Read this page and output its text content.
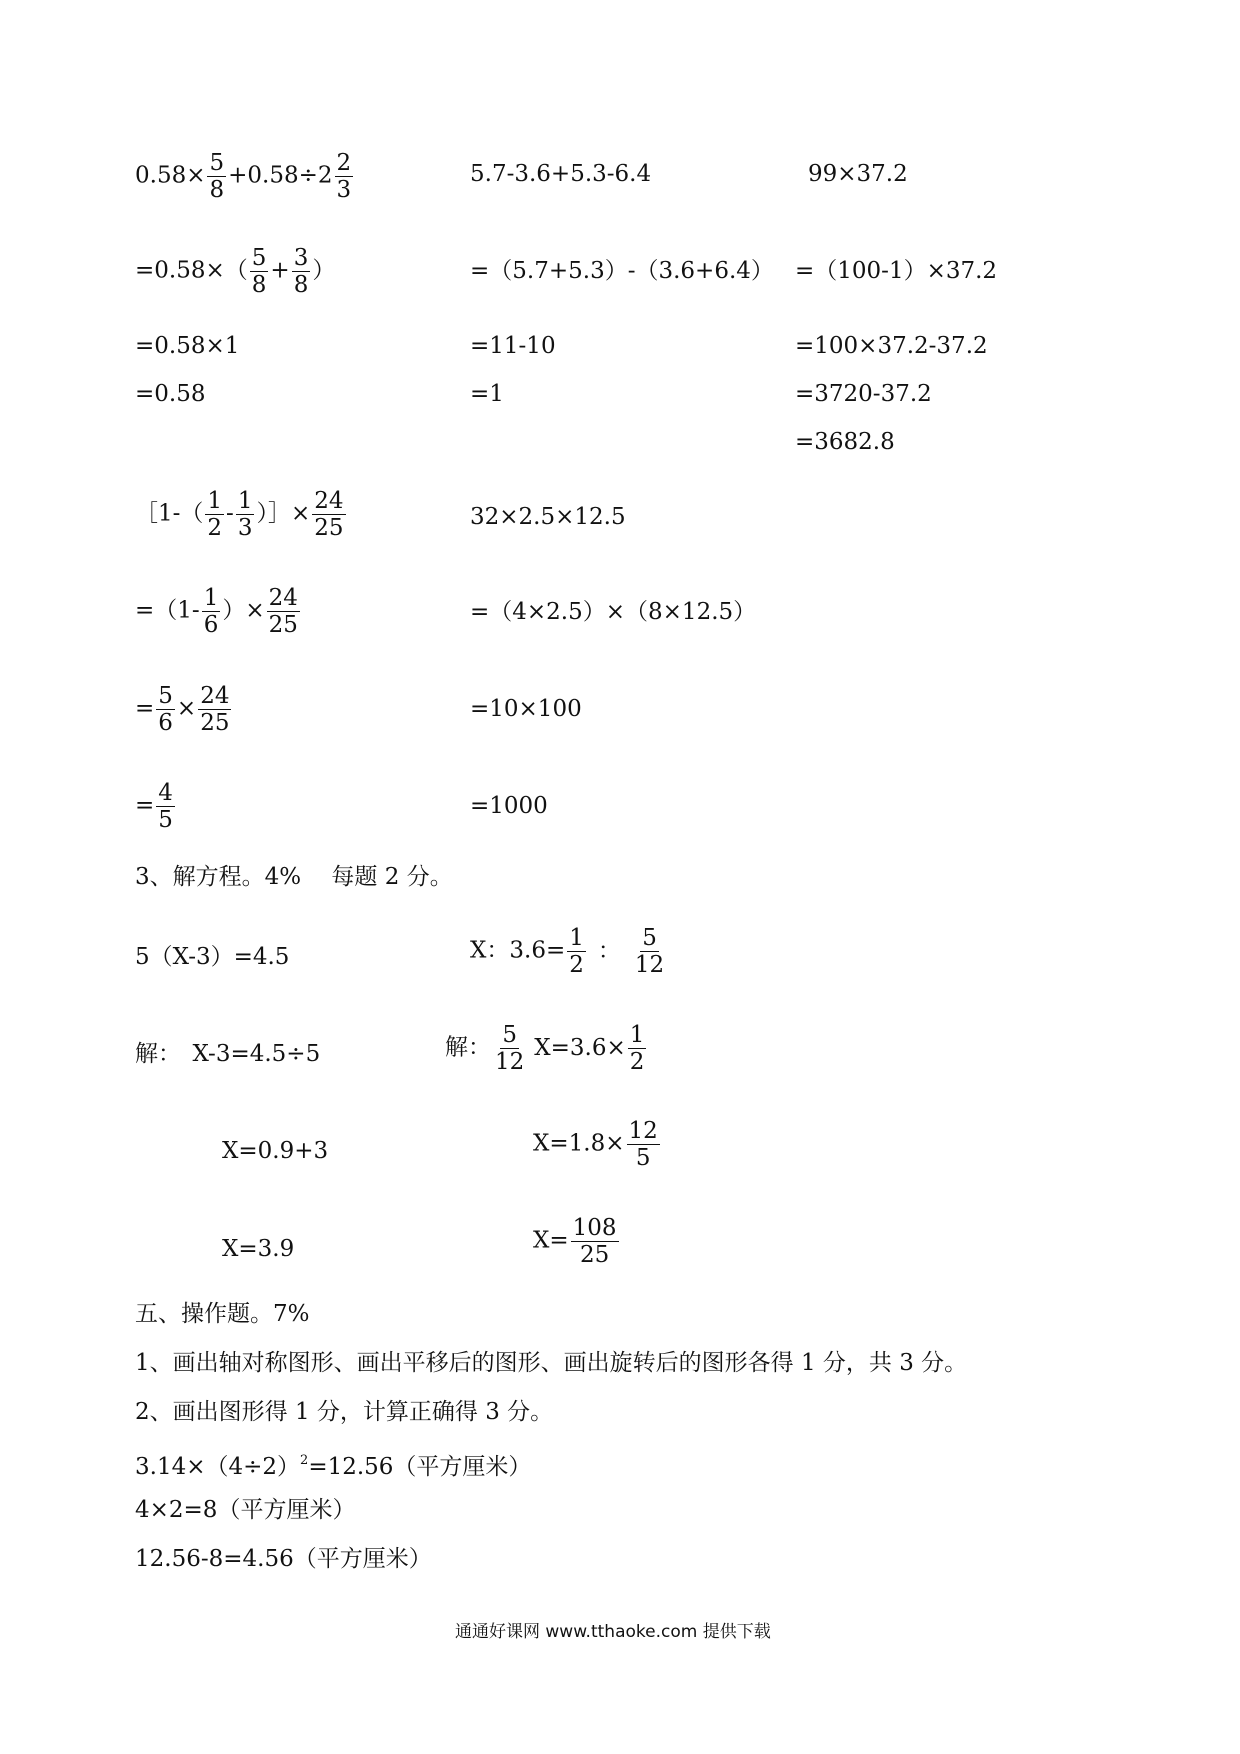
$0.58\times \frac{5}{8} +0.58\div 2 \frac{2}{3}$
$=0.58\times( \frac{5}{8} + \frac{3}{8}$ ）
=0.58×1
=0.58
［1-（ $\frac{1}{2} - \frac{1}{3}$ ）］× $\frac{24}{25}$
$=(1- \frac{1}{6}$ ）× $\frac{24}{25}$
= $\frac{5}{6} \times \frac{24}{25}$
= $\frac{4}{5}$
5.7-3.6+5.3-6.4
=（5.7+5.3）-（3.6+6.4）
=11-10
=1
32×2.5×12.5
=（4×2.5）×（8×12.5）
=10×100
=1000
99×37.2
=（100-1）×37.2
=100×37.2-37.2
=3720-37.2
=3682.8
3、解方程。4%　 每题 2 分。
5（X-3）=4.5
解：　X-3=4.5÷5
X=0.9+3
X=3.9
X：$3.6= \frac{1}{2}$ ： $\frac{5}{12}$
解： $\frac{5}{12} X=3.6\times \frac{1}{2}$
$X=1.8\times \frac{12}{5}$
$X= \frac{108}{25}$
五、操作题。7%
1、画出轴对称图形、画出平移后的图形、画出旋转后的图形各得 1 分，共 3 分。
2、画出图形得 1 分，计算正确得 3 分。
$3.14\times(4\div 2)^2=12.56$（平方厘米）
4×2=8（平方厘米）
12.56-8=4.56（平方厘米）
通通好课网 www.tthaoke.com 提供下载
